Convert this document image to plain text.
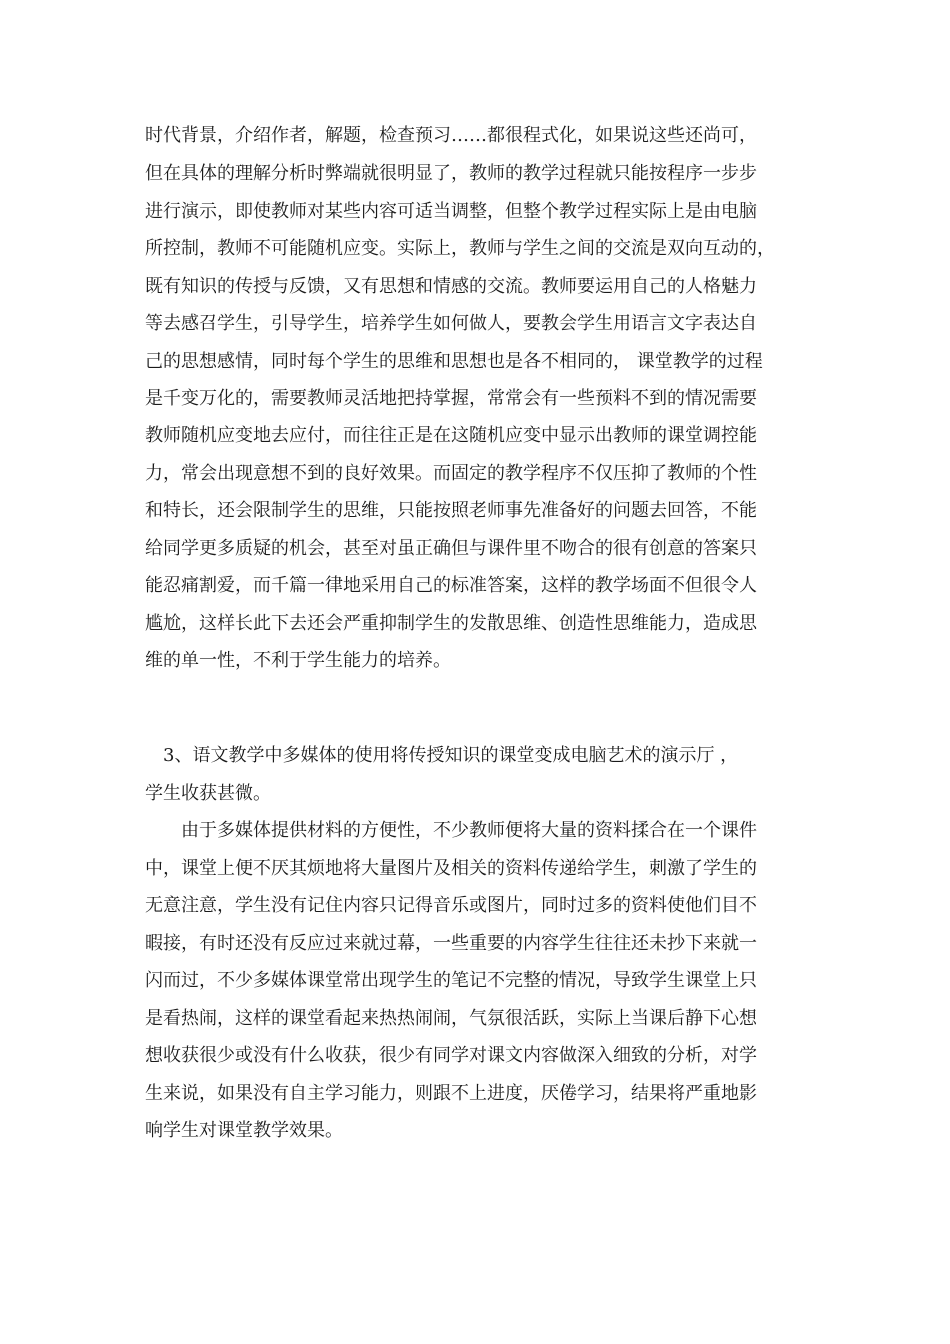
时代背景，介绍作者，解题，检查预习……都很程式化，如果说这些还尚可，
但在具体的理解分析时弊端就很明显了，教师的教学过程就只能按程序一步步
进行演示，即使教师对某些内容可适当调整，但整个教学过程实际上是由电脑
所控制，教师不可能随机应变。实际上，教师与学生之间的交流是双向互动的，
既有知识的传授与反馈，又有思想和情感的交流。教师要运用自己的人格魅力
等去感召学生，引导学生，培养学生如何做人，要教会学生用语言文字表达自
己的思想感情，同时每个学生的思维和思想也是各不相同的， 课堂教学的过程
是千变万化的，需要教师灵活地把持掌握，常常会有一些预料不到的情况需要
教师随机应变地去应付，而往往正是在这随机应变中显示出教师的课堂调控能
力，常会出现意想不到的良好效果。而固定的教学程序不仅压抑了教师的个性
和特长，还会限制学生的思维，只能按照老师事先准备好的问题去回答，不能
给同学更多质疑的机会，甚至对虽正确但与课件里不吻合的很有创意的答案只
能忍痛割爱，而千篇一律地采用自己的标准答案，这样的教学场面不但很令人
尴尬，这样长此下去还会严重抑制学生的发散思维、创造性思维能力，造成思
维的单一性，不利于学生能力的培养。
3、语文教学中多媒体的使用将传授知识的课堂变成电脑艺术的演示厅 ，
学生收获甚微。
由于多媒体提供材料的方便性，不少教师便将大量的资料揉合在一个课件
中，课堂上便不厌其烦地将大量图片及相关的资料传递给学生，刺激了学生的
无意注意，学生没有记住内容只记得音乐或图片，同时过多的资料使他们目不
暇接，有时还没有反应过来就过幕，一些重要的内容学生往往还未抄下来就一
闪而过，不少多媒体课堂常出现学生的笔记不完整的情况，导致学生课堂上只
是看热闹，这样的课堂看起来热热闹闹，气氛很活跃，实际上当课后静下心想
想收获很少或没有什么收获，很少有同学对课文内容做深入细致的分析，对学
生来说，如果没有自主学习能力，则跟不上进度，厌倦学习，结果将严重地影
响学生对课堂教学效果。
